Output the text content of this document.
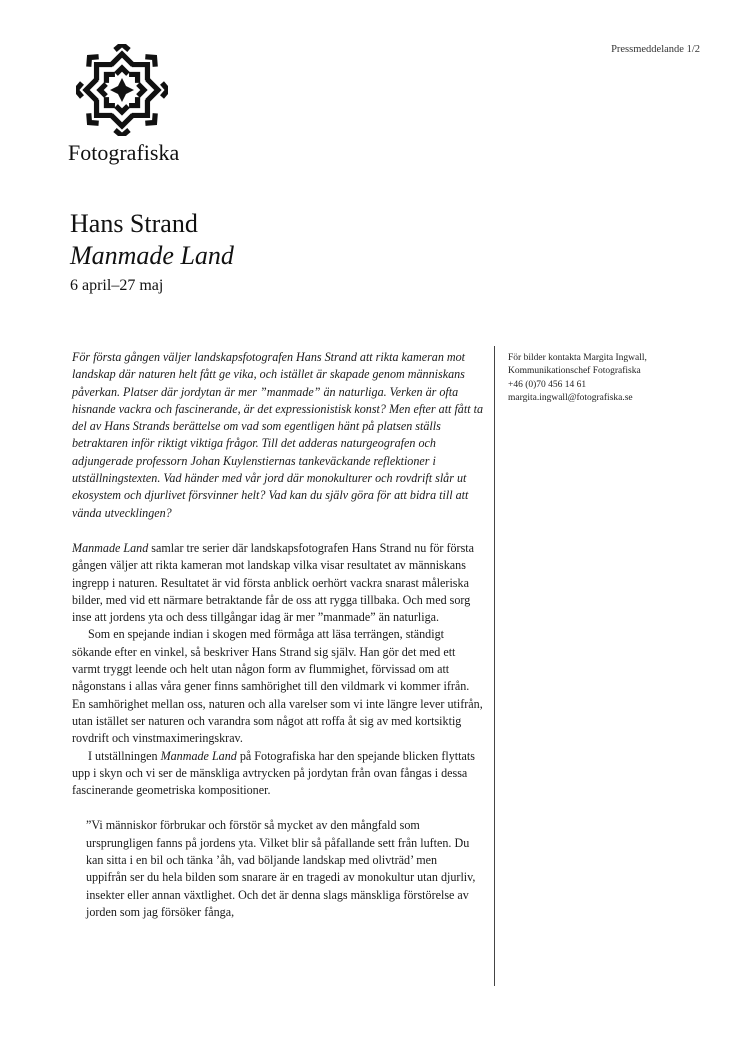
Pressmeddelande 1/2
Fotografiska
Hans Strand
Manmade Land
6 april–27 maj
För bilder kontakta Margita Ingwall,
Kommunikationschef Fotografiska
+46 (0)70 456 14 61
margita.ingwall@fotografiska.se

För första gången väljer landskapsfotografen Hans Strand att rikta kameran mot landskap där naturen helt fått ge vika, och istället är skapade genom människans påverkan. Platser där jordytan är mer ”manmade” än naturliga. Verken är ofta hisnande vackra och fascinerande, är det expressionistisk konst? Men efter att fått ta del av Hans Strands berättelse om vad som egentligen hänt på platsen ställs betraktaren inför riktigt viktiga frågor. Till det adderas naturgeografen och adjungerade professorn Johan Kuylenstiernas tankeväckande reflektioner i utställningstexten. Vad händer med vår jord där monokulturer och rovdrift slår ut ekosystem och djurlivet försvinner helt? Vad kan du själv göra för att bidra till att vända utvecklingen?

Manmade Land samlar tre serier där landskapsfotografen Hans Strand nu för första gången väljer att rikta kameran mot landskap vilka visar resultatet av människans ingrepp i naturen. Resultatet är vid första anblick oerhört vackra snarast måleriska bilder, med vid ett närmare betraktande får de oss att rygga tillbaka. Och med sorg inse att jordens yta och dess tillgångar idag är mer ”manmade” än naturliga.

Som en spejande indian i skogen med förmåga att läsa terrängen, ständigt sökande efter en vinkel, så beskriver Hans Strand sig själv. Han gör det med ett varmt tryggt leende och helt utan någon form av flummighet, förvissad om att någonstans i allas våra gener finns samhörighet till den vildmark vi kommer ifrån. En samhörighet mellan oss, naturen och alla varelser som vi inte längre lever utifrån, utan istället ser naturen och varandra som något att roffa åt sig av med kortsiktig rovdrift och vinstmaximeringskrav.

I utställningen Manmade Land på Fotografiska har den spejande blicken flyttats upp i skyn och vi ser de mänskliga avtrycken på jordytan från ovan fångas i dessa fascinerande geometriska kompositioner.

”Vi människor förbrukar och förstör så mycket av den mångfald som ursprungligen fanns på jordens yta. Vilket blir så påfallande sett från luften. Du kan sitta i en bil och tänka ’åh, vad böljande landskap med olivträd’ men uppifrån ser du hela bilden som snarare är en tragedi av monokultur utan djurliv, insekter eller annan växtlighet. Och det är denna slags mänskliga förstörelse av jorden som jag försöker fånga,
